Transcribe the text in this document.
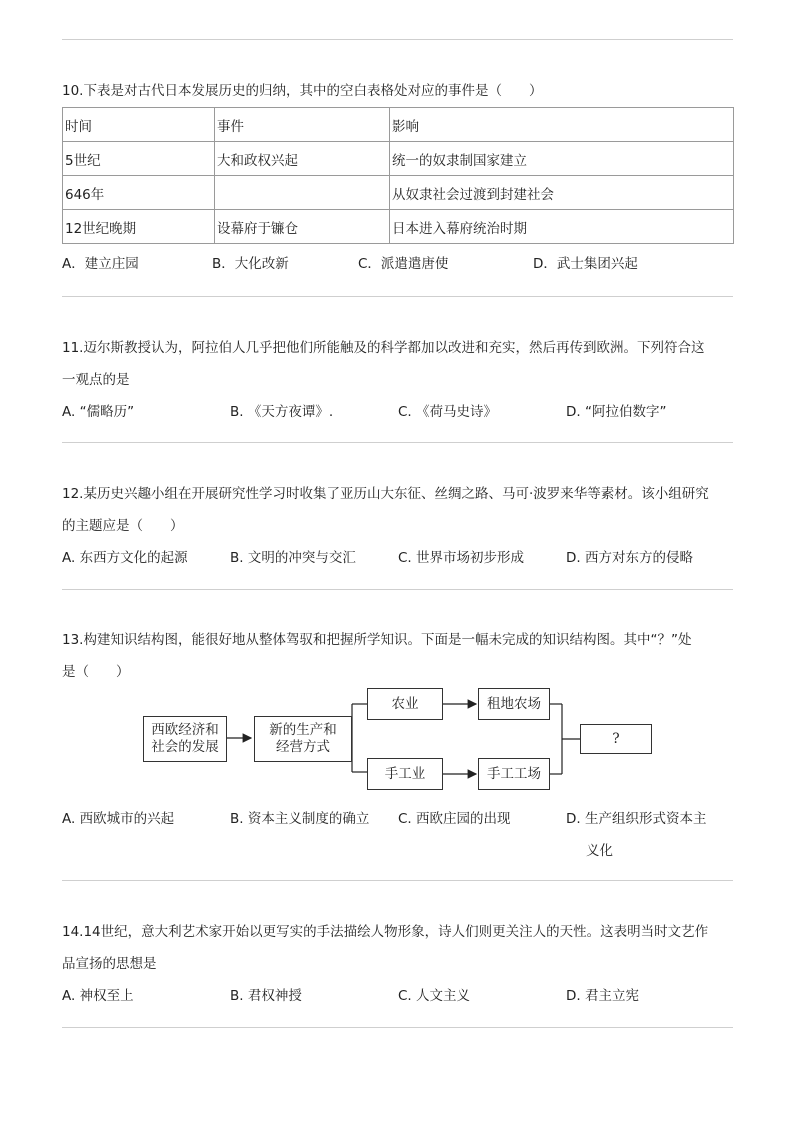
10.下表是对古代日本发展历史的归纳，其中的空白表格处对应的事件是（　　）
时间	事件	影响
5世纪	大和政权兴起	统一的奴隶制国家建立
646年		从奴隶社会过渡到封建社会
12世纪晚期	设幕府于镰仓	日本进入幕府统治时期
A．建立庄园	B．大化改新	C．派遣遣唐使	D．武士集团兴起
11.迈尔斯教授认为，阿拉伯人几乎把他们所能触及的科学都加以改进和充实，然后再传到欧洲。下列符合这
一观点的是
A. “儒略历”	B. 《天方夜谭》.	C. 《荷马史诗》	D. “阿拉伯数字”
12.某历史兴趣小组在开展研究性学习时收集了亚历山大东征、丝绸之路、马可·波罗来华等素材。该小组研究
的主题应是（　　）
A. 东西方文化的起源	B. 文明的冲突与交汇	C. 世界市场初步形成	D. 西方对东方的侵略
13.构建知识结构图，能很好地从整体驾驭和把握所学知识。下面是一幅未完成的知识结构图。其中“？”处
是（　　）
西欧经济和
社会的发展
新的生产和
经营方式
农业	租地农场
手工业	手工工场
?
A. 西欧城市的兴起	B. 资本主义制度的确立 C. 西欧庄园的出现	D. 生产组织形式资本主
义化
14.14世纪，意大利艺术家开始以更写实的手法描绘人物形象，诗人们则更关注人的天性。这表明当时文艺作
品宣扬的思想是
A. 神权至上	B. 君权神授	C. 人文主义	D. 君主立宪
